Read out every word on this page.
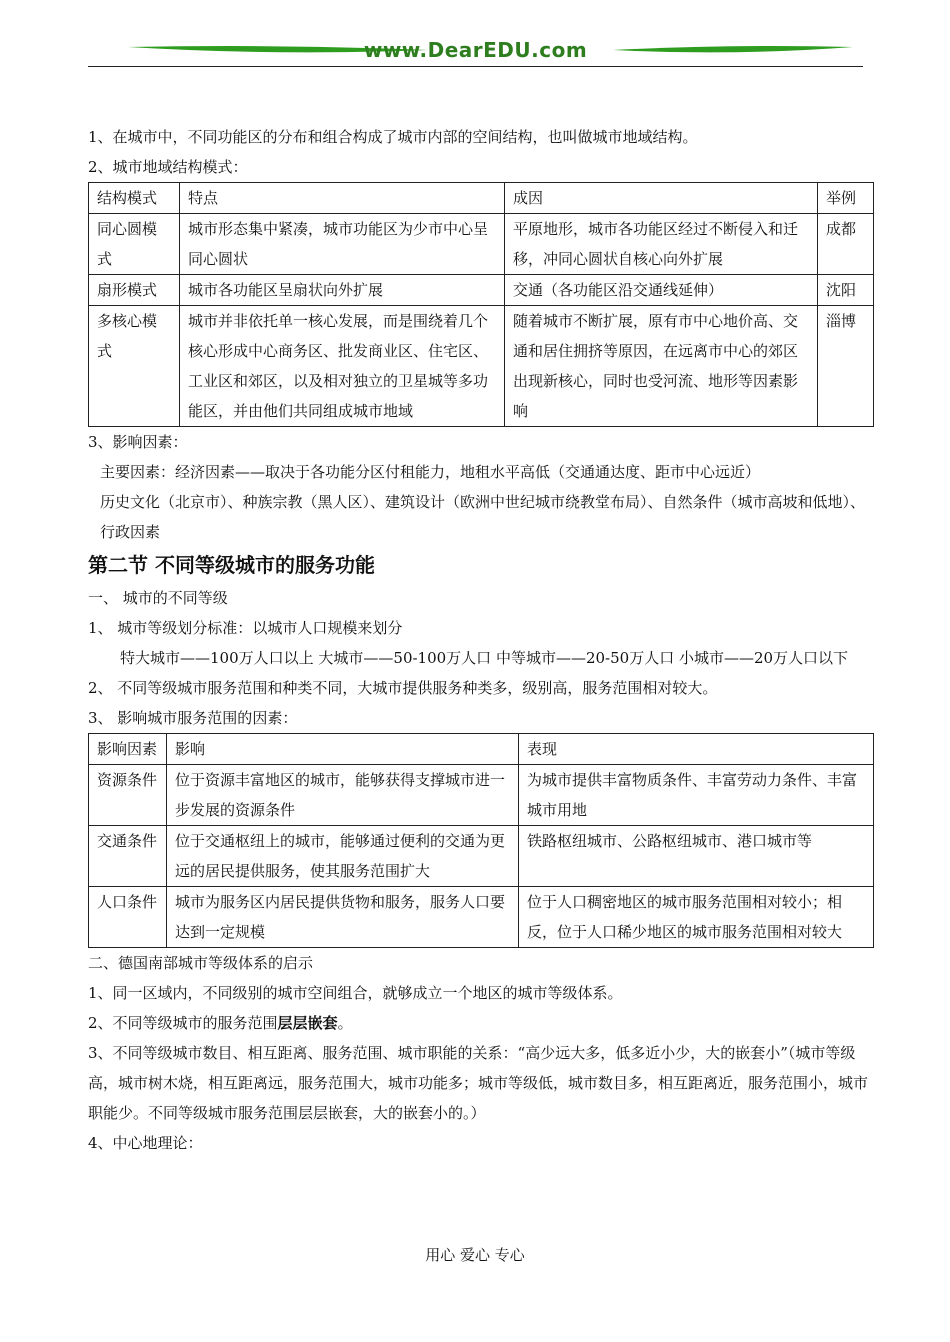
www.DearEDU.com

1、在城市中，不同功能区的分布和组合构成了城市内部的空间结构，也叫做城市地域结构。

2、城市地域结构模式：

结构模式	特点	成因	举例
同心圆模式	城市形态集中紧凑，城市功能区为少市中心呈同心圆状	平原地形，城市各功能区经过不断侵入和迁移，冲同心圆状自核心向外扩展	成都
扇形模式	城市各功能区呈扇状向外扩展	交通（各功能区沿交通线延伸）	沈阳
多核心模式	城市并非依托单一核心发展，而是围绕着几个核心形成中心商务区、批发商业区、住宅区、工业区和郊区，以及相对独立的卫星城等多功能区，并由他们共同组成城市地域	随着城市不断扩展，原有市中心地价高、交通和居住拥挤等原因，在远离市中心的郊区出现新核心，同时也受河流、地形等因素影响	淄博

3、影响因素：

主要因素：经济因素——取决于各功能分区付租能力，地租水平高低（交通通达度、距市中心远近）

历史文化（北京市）、种族宗教（黑人区）、建筑设计（欧洲中世纪城市绕教堂布局）、自然条件（城市高坡和低地）、行政因素

第二节 不同等级城市的服务功能

一、 城市的不同等级

1、 城市等级划分标准：以城市人口规模来划分

特大城市——100万人口以上 大城市——50-100万人口 中等城市——20-50万人口 小城市——20万人口以下

2、 不同等级城市服务范围和种类不同，大城市提供服务种类多，级别高，服务范围相对较大。

3、 影响城市服务范围的因素：

影响因素	影响	表现
资源条件	位于资源丰富地区的城市，能够获得支撑城市进一步发展的资源条件	为城市提供丰富物质条件、丰富劳动力条件、丰富城市用地
交通条件	位于交通枢纽上的城市，能够通过便利的交通为更远的居民提供服务，使其服务范围扩大	铁路枢纽城市、公路枢纽城市、港口城市等
人口条件	城市为服务区内居民提供货物和服务，服务人口要达到一定规模	位于人口稠密地区的城市服务范围相对较小；相反，位于人口稀少地区的城市服务范围相对较大

二、德国南部城市等级体系的启示

1、同一区域内，不同级别的城市空间组合，就够成立一个地区的城市等级体系。

2、不同等级城市的服务范围层层嵌套。

3、不同等级城市数目、相互距离、服务范围、城市职能的关系：“高少远大多，低多近小少，大的嵌套小”（城市等级高，城市树木烧，相互距离远，服务范围大，城市功能多；城市等级低，城市数目多，相互距离近，服务范围小，城市职能少。不同等级城市服务范围层层嵌套，大的嵌套小的。）

4、中心地理论：

用心 爱心 专心
